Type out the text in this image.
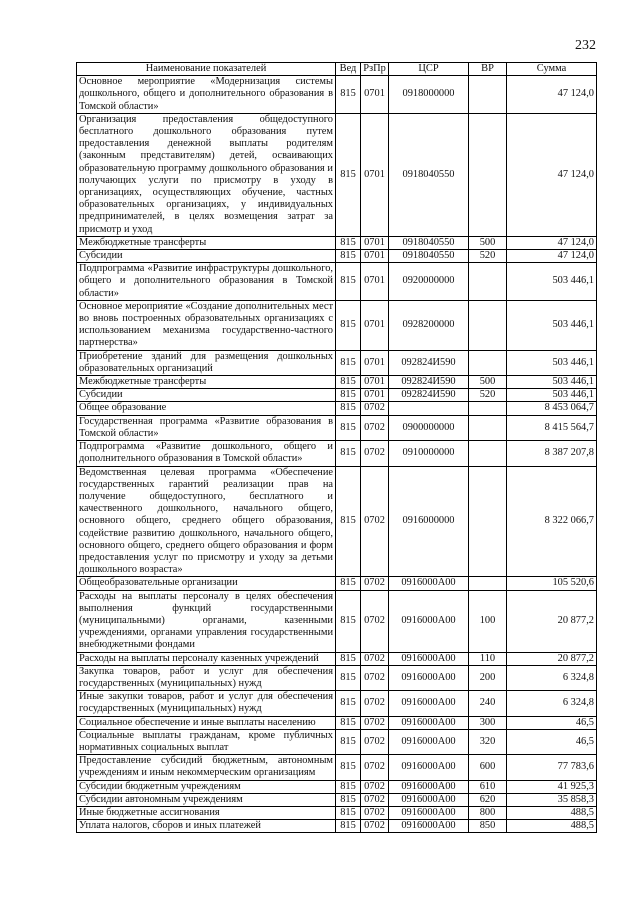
232
Наименование показателей	Вед	РзПр	ЦСР	ВР	Сумма
Основное мероприятие «Модернизация системы дошкольного, общего и дополнительного образования в Томской области»	815	0701	0918000000		47 124,0
Организация предоставления общедоступного бесплатного дошкольного образования путем предоставления денежной выплаты родителям (законным представителям) детей, осваивающих образовательную программу дошкольного образования и получающих услуги по присмотру в уходу в организациях, осуществляющих обучение, частных образовательных организациях, у индивидуальных предпринимателей, в целях возмещения затрат за присмотр и уход	815	0701	0918040550		47 124,0
Межбюджетные трансферты	815	0701	0918040550	500	47 124,0
Субсидии	815	0701	0918040550	520	47 124,0
Подпрограмма «Развитие инфраструктуры дошкольного, общего и дополнительного образования в Томской области»	815	0701	0920000000		503 446,1
Основное мероприятие «Создание дополнительных мест во вновь построенных образовательных организациях с использованием механизма государственно-частного партнерства»	815	0701	0928200000		503 446,1
Приобретение зданий для размещения дошкольных образовательных организаций	815	0701	092824И590		503 446,1
Межбюджетные трансферты	815	0701	092824И590	500	503 446,1
Субсидии	815	0701	092824И590	520	503 446,1
Общее образование	815	0702			8 453 064,7
Государственная программа «Развитие образования в Томской области»	815	0702	0900000000		8 415 564,7
Подпрограмма «Развитие дошкольного, общего и дополнительного образования в Томской области»	815	0702	0910000000		8 387 207,8
Ведомственная целевая программа «Обеспечение государственных гарантий реализации прав на получение общедоступного, бесплатного и качественного дошкольного, начального общего, основного общего, среднего общего образования, содействие развитию дошкольного, начального общего, основного общего, среднего общего образования и форм предоставления услуг по присмотру и уходу за детьми дошкольного возраста»	815	0702	0916000000		8 322 066,7
Общеобразовательные организации	815	0702	0916000А00		105 520,6
Расходы на выплаты персоналу в целях обеспечения выполнения функций государственными (муниципальными) органами, казенными учреждениями, органами управления государственными внебюджетными фондами	815	0702	0916000А00	100	20 877,2
Расходы на выплаты персоналу казенных учреждений	815	0702	0916000А00	110	20 877,2
Закупка товаров, работ и услуг для обеспечения государственных (муниципальных) нужд	815	0702	0916000А00	200	6 324,8
Иные закупки товаров, работ и услуг для обеспечения государственных (муниципальных) нужд	815	0702	0916000А00	240	6 324,8
Социальное обеспечение и иные выплаты населению	815	0702	0916000А00	300	46,5
Социальные выплаты гражданам, кроме публичных нормативных социальных выплат	815	0702	0916000А00	320	46,5
Предоставление субсидий бюджетным, автономным учреждениям и иным некоммерческим организациям	815	0702	0916000А00	600	77 783,6
Субсидии бюджетным учреждениям	815	0702	0916000А00	610	41 925,3
Субсидии автономным учреждениям	815	0702	0916000А00	620	35 858,3
Иные бюджетные ассигнования	815	0702	0916000А00	800	488,5
Уплата налогов, сборов и иных платежей	815	0702	0916000А00	850	488,5
